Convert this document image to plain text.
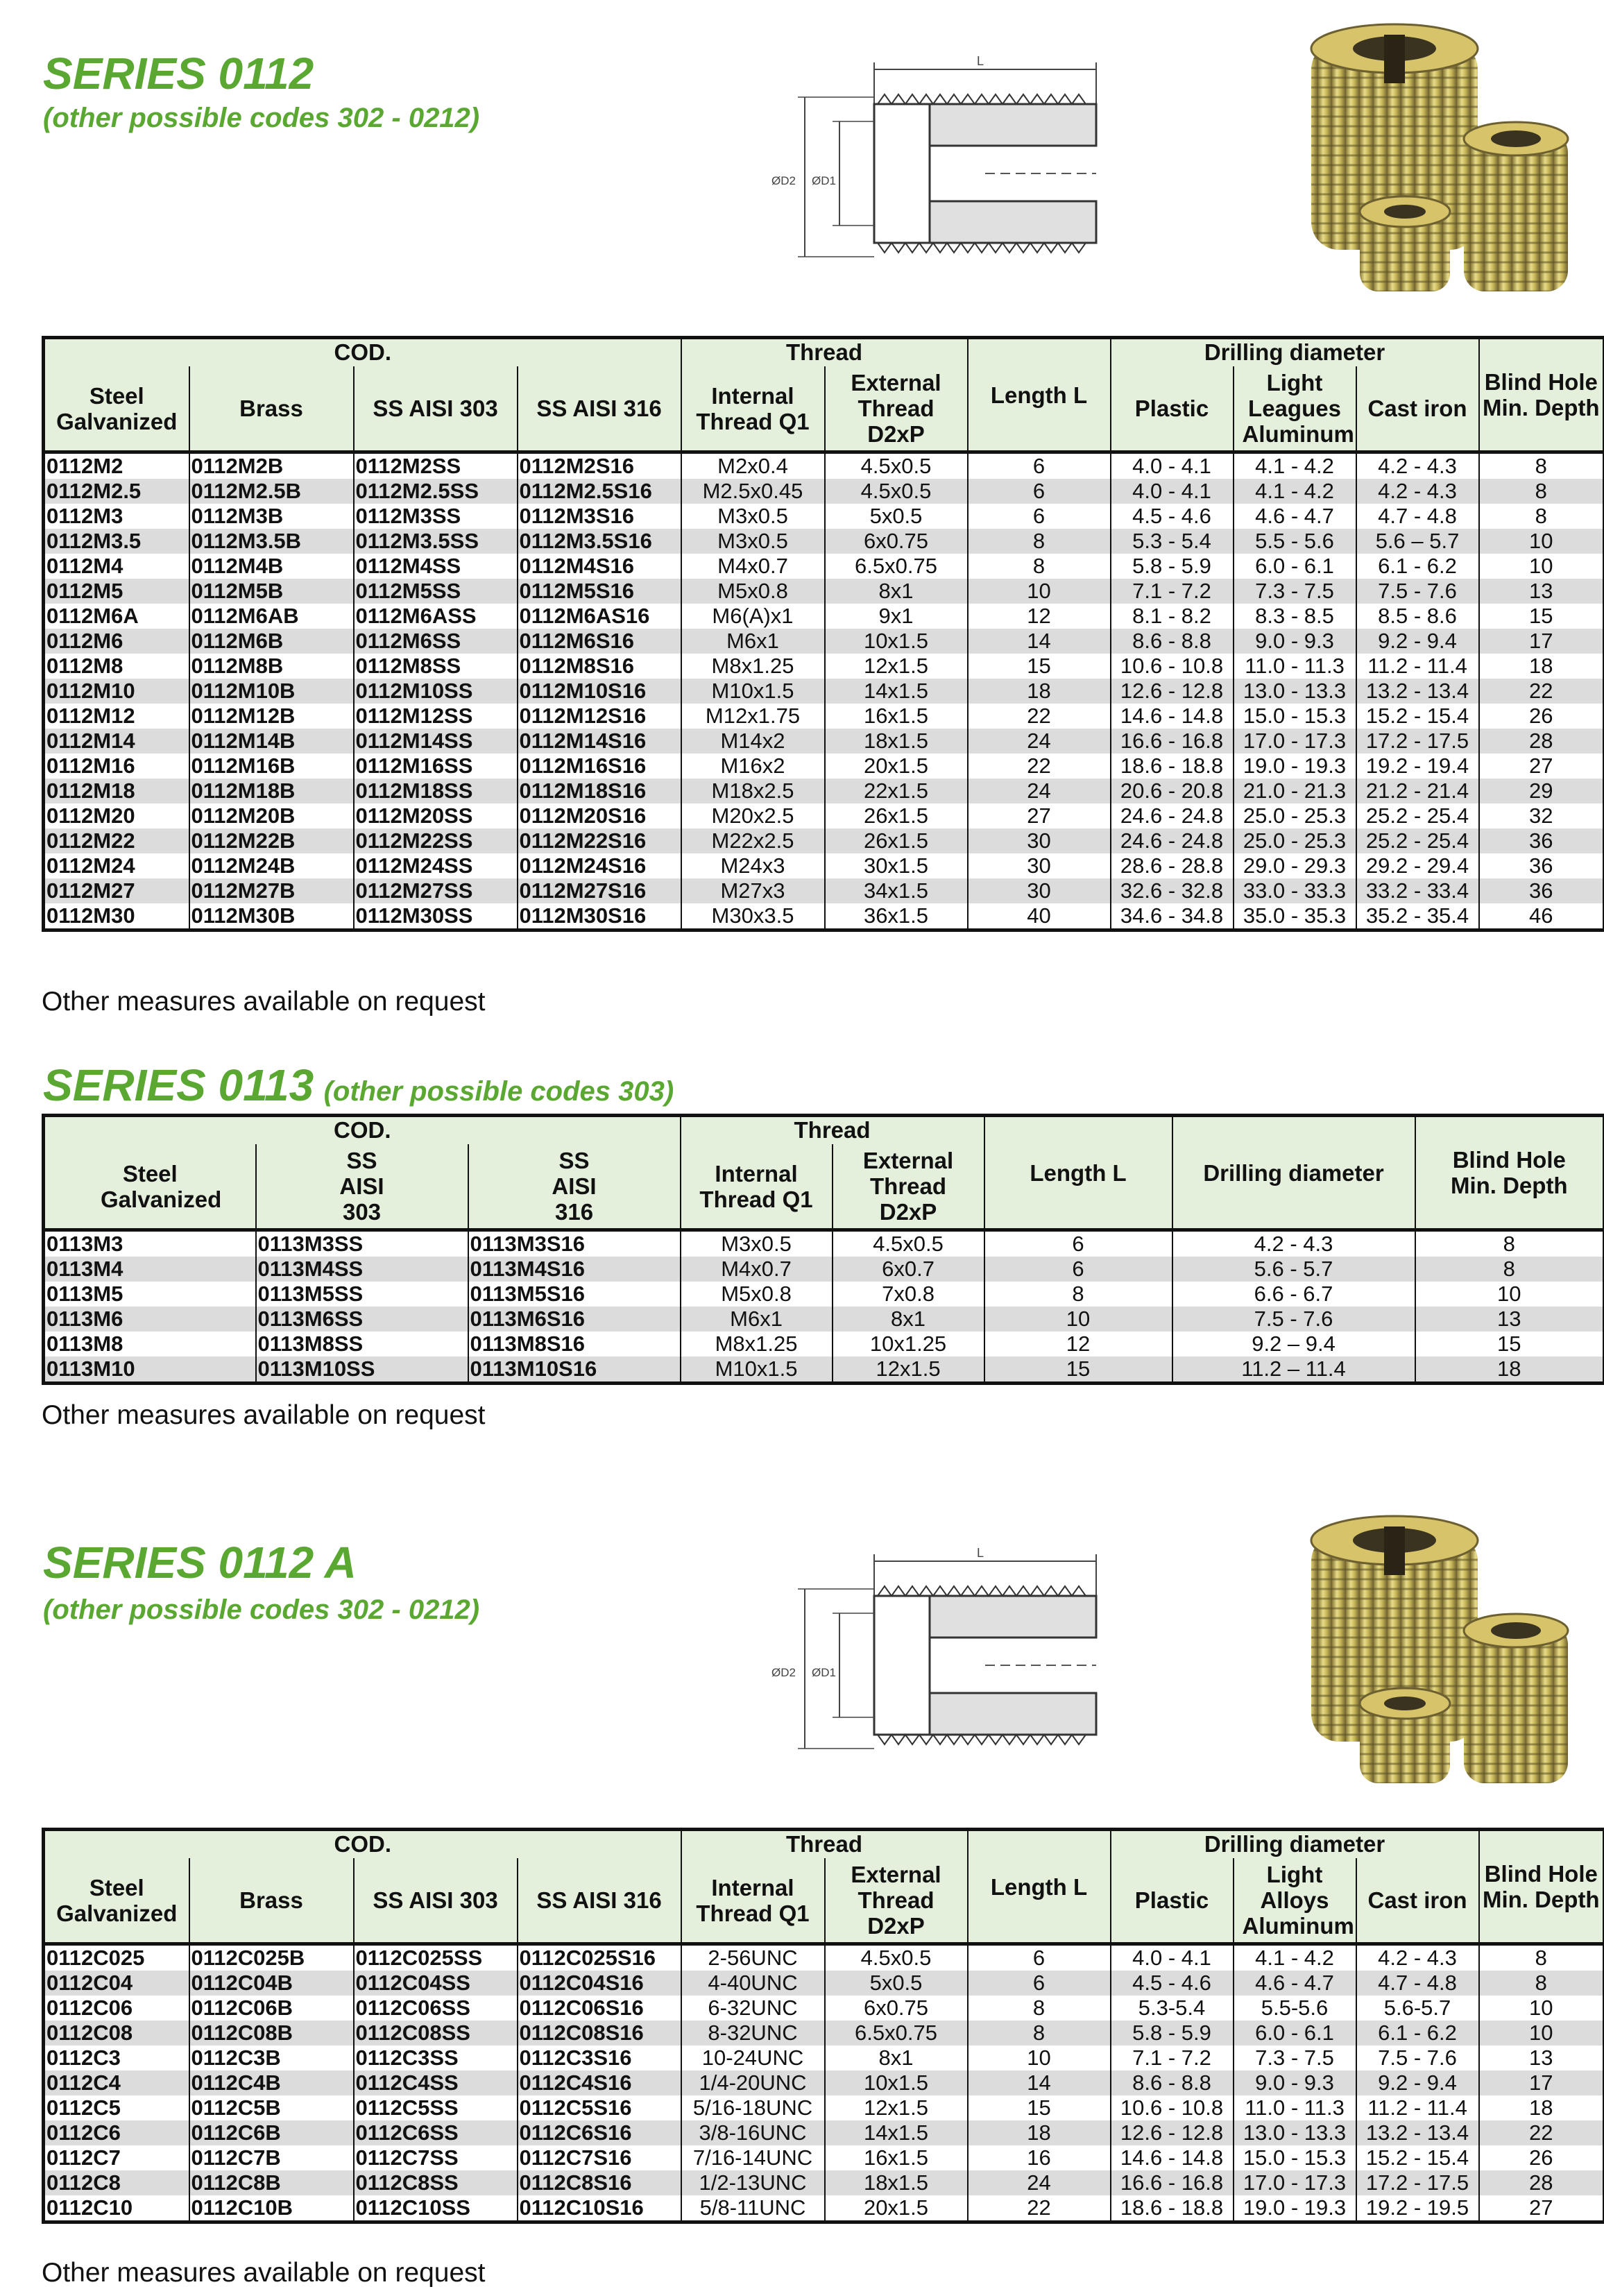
SERIES 0112
(other possible codes 302 - 0212)
L
ØD2 ØD1
COD.				Thread		Length L	Drilling diameter			Blind Hole Min. Depth
Steel Galvanized	Brass	SS AISI 303	SS AISI 316	Internal Thread Q1	External Thread D2xP		Plastic	Light Leagues Aluminum	Cast iron	
0112M2	0112M2B	0112M2SS	0112M2S16	M2x0.4	4.5x0.5	6	4.0 - 4.1	4.1 - 4.2	4.2 - 4.3	8
0112M2.5	0112M2.5B	0112M2.5SS	0112M2.5S16	M2.5x0.45	4.5x0.5	6	4.0 - 4.1	4.1 - 4.2	4.2 - 4.3	8
0112M3	0112M3B	0112M3SS	0112M3S16	M3x0.5	5x0.5	6	4.5 - 4.6	4.6 - 4.7	4.7 - 4.8	8
0112M3.5	0112M3.5B	0112M3.5SS	0112M3.5S16	M3x0.5	6x0.75	8	5.3 - 5.4	5.5 - 5.6	5.6 – 5.7	10
0112M4	0112M4B	0112M4SS	0112M4S16	M4x0.7	6.5x0.75	8	5.8 - 5.9	6.0 - 6.1	6.1 - 6.2	10
0112M5	0112M5B	0112M5SS	0112M5S16	M5x0.8	8x1	10	7.1 - 7.2	7.3 - 7.5	7.5 - 7.6	13
0112M6A	0112M6AB	0112M6ASS	0112M6AS16	M6(A)x1	9x1	12	8.1 - 8.2	8.3 - 8.5	8.5 - 8.6	15
0112M6	0112M6B	0112M6SS	0112M6S16	M6x1	10x1.5	14	8.6 - 8.8	9.0 - 9.3	9.2 - 9.4	17
0112M8	0112M8B	0112M8SS	0112M8S16	M8x1.25	12x1.5	15	10.6 - 10.8	11.0 - 11.3	11.2 - 11.4	18
0112M10	0112M10B	0112M10SS	0112M10S16	M10x1.5	14x1.5	18	12.6 - 12.8	13.0 - 13.3	13.2 - 13.4	22
0112M12	0112M12B	0112M12SS	0112M12S16	M12x1.75	16x1.5	22	14.6 - 14.8	15.0 - 15.3	15.2 - 15.4	26
0112M14	0112M14B	0112M14SS	0112M14S16	M14x2	18x1.5	24	16.6 - 16.8	17.0 - 17.3	17.2 - 17.5	28
0112M16	0112M16B	0112M16SS	0112M16S16	M16x2	20x1.5	22	18.6 - 18.8	19.0 - 19.3	19.2 - 19.4	27
0112M18	0112M18B	0112M18SS	0112M18S16	M18x2.5	22x1.5	24	20.6 - 20.8	21.0 - 21.3	21.2 - 21.4	29
0112M20	0112M20B	0112M20SS	0112M20S16	M20x2.5	26x1.5	27	24.6 - 24.8	25.0 - 25.3	25.2 - 25.4	32
0112M22	0112M22B	0112M22SS	0112M22S16	M22x2.5	26x1.5	30	24.6 - 24.8	25.0 - 25.3	25.2 - 25.4	36
0112M24	0112M24B	0112M24SS	0112M24S16	M24x3	30x1.5	30	28.6 - 28.8	29.0 - 29.3	29.2 - 29.4	36
0112M27	0112M27B	0112M27SS	0112M27S16	M27x3	34x1.5	30	32.6 - 32.8	33.0 - 33.3	33.2 - 33.4	36
0112M30	0112M30B	0112M30SS	0112M30S16	M30x3.5	36x1.5	40	34.6 - 34.8	35.0 - 35.3	35.2 - 35.4	46
Other measures available on request
SERIES 0113 (other possible codes 303)
COD.			Thread		Length L	Drilling diameter	Blind Hole Min. Depth
Steel Galvanized	SS AISI 303	SS AISI 316	Internal Thread Q1	External Thread D2xP			
0113M3	0113M3SS	0113M3S16	M3x0.5	4.5x0.5	6	4.2 - 4.3	8
0113M4	0113M4SS	0113M4S16	M4x0.7	6x0.7	6	5.6 - 5.7	8
0113M5	0113M5SS	0113M5S16	M5x0.8	7x0.8	8	6.6 - 6.7	10
0113M6	0113M6SS	0113M6S16	M6x1	8x1	10	7.5 - 7.6	13
0113M8	0113M8SS	0113M8S16	M8x1.25	10x1.25	12	9.2 – 9.4	15
0113M10	0113M10SS	0113M10S16	M10x1.5	12x1.5	15	11.2 – 11.4	18
Other measures available on request
SERIES 0112 A
(other possible codes 302 - 0212)
L
ØD2 ØD1
COD.				Thread		Length L	Drilling diameter			Blind Hole Min. Depth
Steel Galvanized	Brass	SS AISI 303	SS AISI 316	Internal Thread Q1	External Thread D2xP		Plastic	Light Alloys Aluminum	Cast iron	
0112C025	0112C025B	0112C025SS	0112C025S16	2-56UNC	4.5x0.5	6	4.0 - 4.1	4.1 - 4.2	4.2 - 4.3	8
0112C04	0112C04B	0112C04SS	0112C04S16	4-40UNC	5x0.5	6	4.5 - 4.6	4.6 - 4.7	4.7 - 4.8	8
0112C06	0112C06B	0112C06SS	0112C06S16	6-32UNC	6x0.75	8	5.3-5.4	5.5-5.6	5.6-5.7	10
0112C08	0112C08B	0112C08SS	0112C08S16	8-32UNC	6.5x0.75	8	5.8 - 5.9	6.0 - 6.1	6.1 - 6.2	10
0112C3	0112C3B	0112C3SS	0112C3S16	10-24UNC	8x1	10	7.1 - 7.2	7.3 - 7.5	7.5 - 7.6	13
0112C4	0112C4B	0112C4SS	0112C4S16	1/4-20UNC	10x1.5	14	8.6 - 8.8	9.0 - 9.3	9.2 - 9.4	17
0112C5	0112C5B	0112C5SS	0112C5S16	5/16-18UNC	12x1.5	15	10.6 - 10.8	11.0 - 11.3	11.2 - 11.4	18
0112C6	0112C6B	0112C6SS	0112C6S16	3/8-16UNC	14x1.5	18	12.6 - 12.8	13.0 - 13.3	13.2 - 13.4	22
0112C7	0112C7B	0112C7SS	0112C7S16	7/16-14UNC	16x1.5	16	14.6 - 14.8	15.0 - 15.3	15.2 - 15.4	26
0112C8	0112C8B	0112C8SS	0112C8S16	1/2-13UNC	18x1.5	24	16.6 - 16.8	17.0 - 17.3	17.2 - 17.5	28
0112C10	0112C10B	0112C10SS	0112C10S16	5/8-11UNC	20x1.5	22	18.6 - 18.8	19.0 - 19.3	19.2 - 19.5	27
Other measures available on request
